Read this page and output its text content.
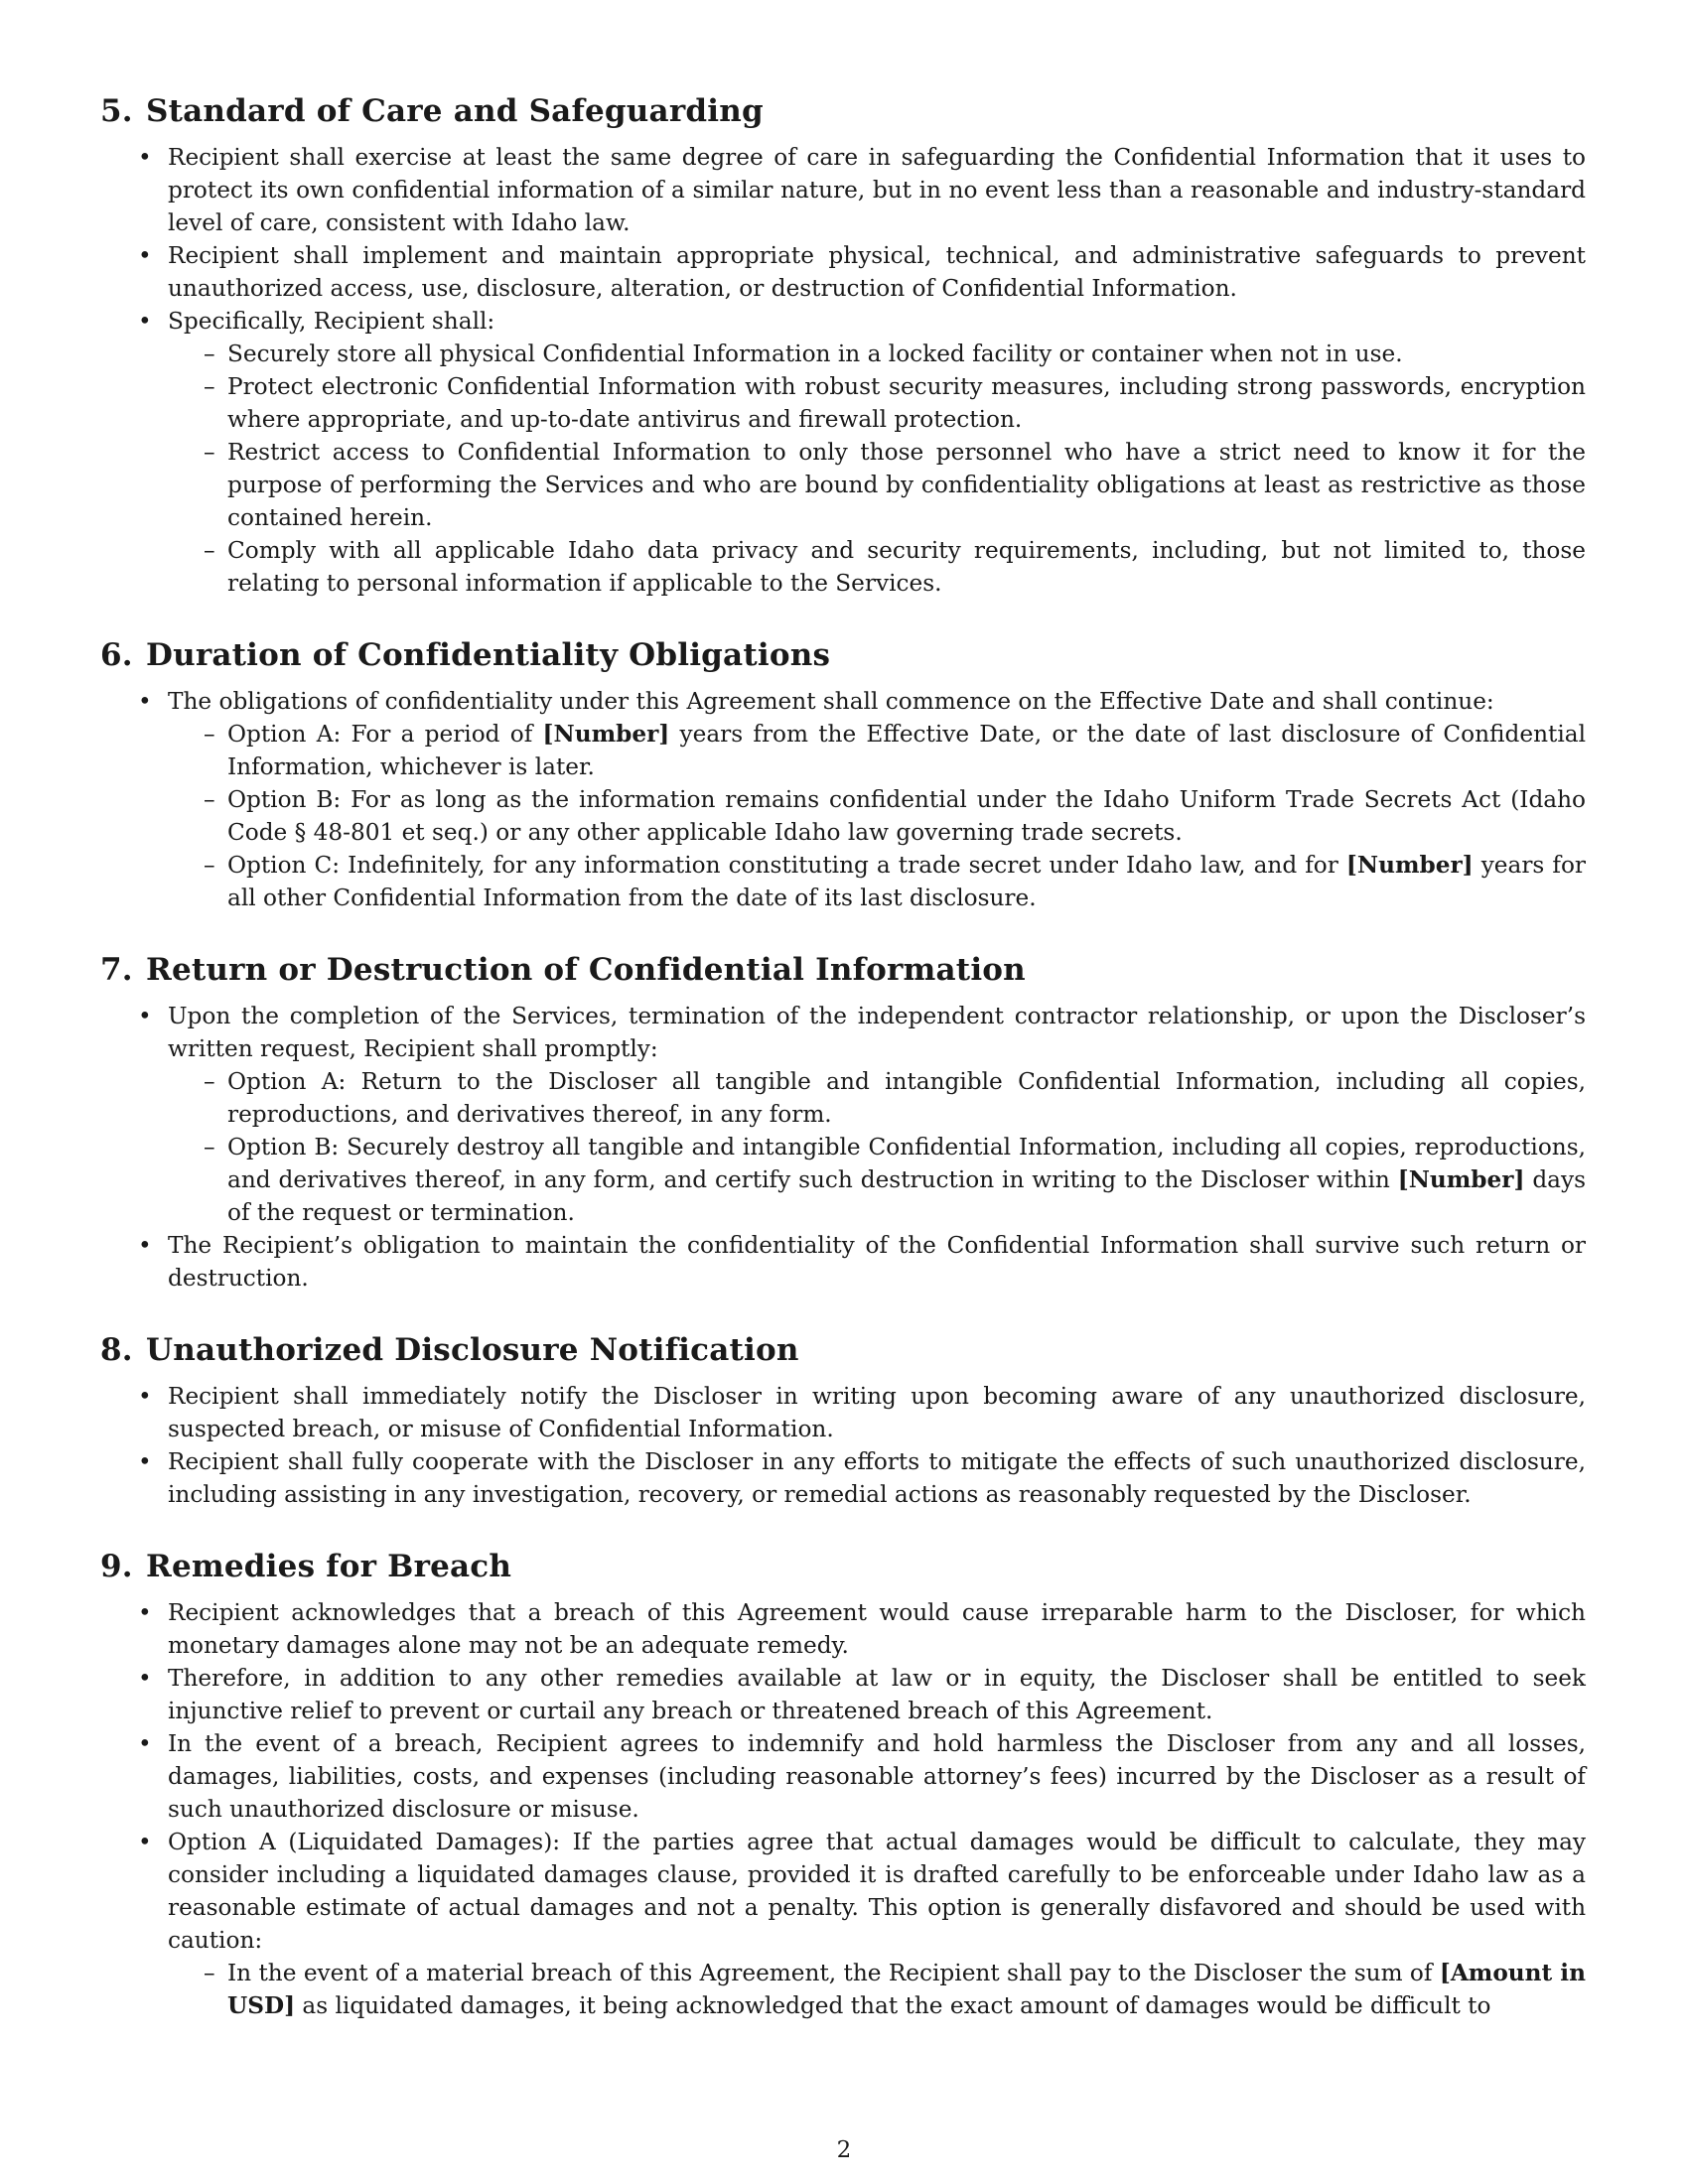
5. Standard of Care and Safeguarding
• Recipient shall exercise at least the same degree of care in safeguarding the Confidential Information that it uses to protect its own confidential information of a similar nature, but in no event less than a reasonable and industry-standard level of care, consistent with Idaho law.
• Recipient shall implement and maintain appropriate physical, technical, and administrative safeguards to prevent unauthorized access, use, disclosure, alteration, or destruction of Confidential Information.
• Specifically, Recipient shall:
– Securely store all physical Confidential Information in a locked facility or container when not in use.
– Protect electronic Confidential Information with robust security measures, including strong passwords, encryption where appropriate, and up-to-date antivirus and firewall protection.
– Restrict access to Confidential Information to only those personnel who have a strict need to know it for the purpose of performing the Services and who are bound by confidentiality obligations at least as restrictive as those contained herein.
– Comply with all applicable Idaho data privacy and security requirements, including, but not limited to, those relating to personal information if applicable to the Services.
6. Duration of Confidentiality Obligations
• The obligations of confidentiality under this Agreement shall commence on the Effective Date and shall continue:
– Option A: For a period of [Number] years from the Effective Date, or the date of last disclosure of Confidential Information, whichever is later.
– Option B: For as long as the information remains confidential under the Idaho Uniform Trade Secrets Act (Idaho Code § 48-801 et seq.) or any other applicable Idaho law governing trade secrets.
– Option C: Indefinitely, for any information constituting a trade secret under Idaho law, and for [Number] years for all other Confidential Information from the date of its last disclosure.
7. Return or Destruction of Confidential Information
• Upon the completion of the Services, termination of the independent contractor relationship, or upon the Discloser’s written request, Recipient shall promptly:
– Option A: Return to the Discloser all tangible and intangible Confidential Information, including all copies, reproductions, and derivatives thereof, in any form.
– Option B: Securely destroy all tangible and intangible Confidential Information, including all copies, reproductions, and derivatives thereof, in any form, and certify such destruction in writing to the Discloser within [Number] days of the request or termination.
• The Recipient’s obligation to maintain the confidentiality of the Confidential Information shall survive such return or destruction.
8. Unauthorized Disclosure Notification
• Recipient shall immediately notify the Discloser in writing upon becoming aware of any unauthorized disclosure, suspected breach, or misuse of Confidential Information.
• Recipient shall fully cooperate with the Discloser in any efforts to mitigate the effects of such unauthorized disclosure, including assisting in any investigation, recovery, or remedial actions as reasonably requested by the Discloser.
9. Remedies for Breach
• Recipient acknowledges that a breach of this Agreement would cause irreparable harm to the Discloser, for which monetary damages alone may not be an adequate remedy.
• Therefore, in addition to any other remedies available at law or in equity, the Discloser shall be entitled to seek injunctive relief to prevent or curtail any breach or threatened breach of this Agreement.
• In the event of a breach, Recipient agrees to indemnify and hold harmless the Discloser from any and all losses, damages, liabilities, costs, and expenses (including reasonable attorney’s fees) incurred by the Discloser as a result of such unauthorized disclosure or misuse.
• Option A (Liquidated Damages): If the parties agree that actual damages would be difficult to calculate, they may consider including a liquidated damages clause, provided it is drafted carefully to be enforceable under Idaho law as a reasonable estimate of actual damages and not a penalty. This option is generally disfavored and should be used with caution:
– In the event of a material breach of this Agreement, the Recipient shall pay to the Discloser the sum of [Amount in USD] as liquidated damages, it being acknowledged that the exact amount of damages would be difficult to
2
